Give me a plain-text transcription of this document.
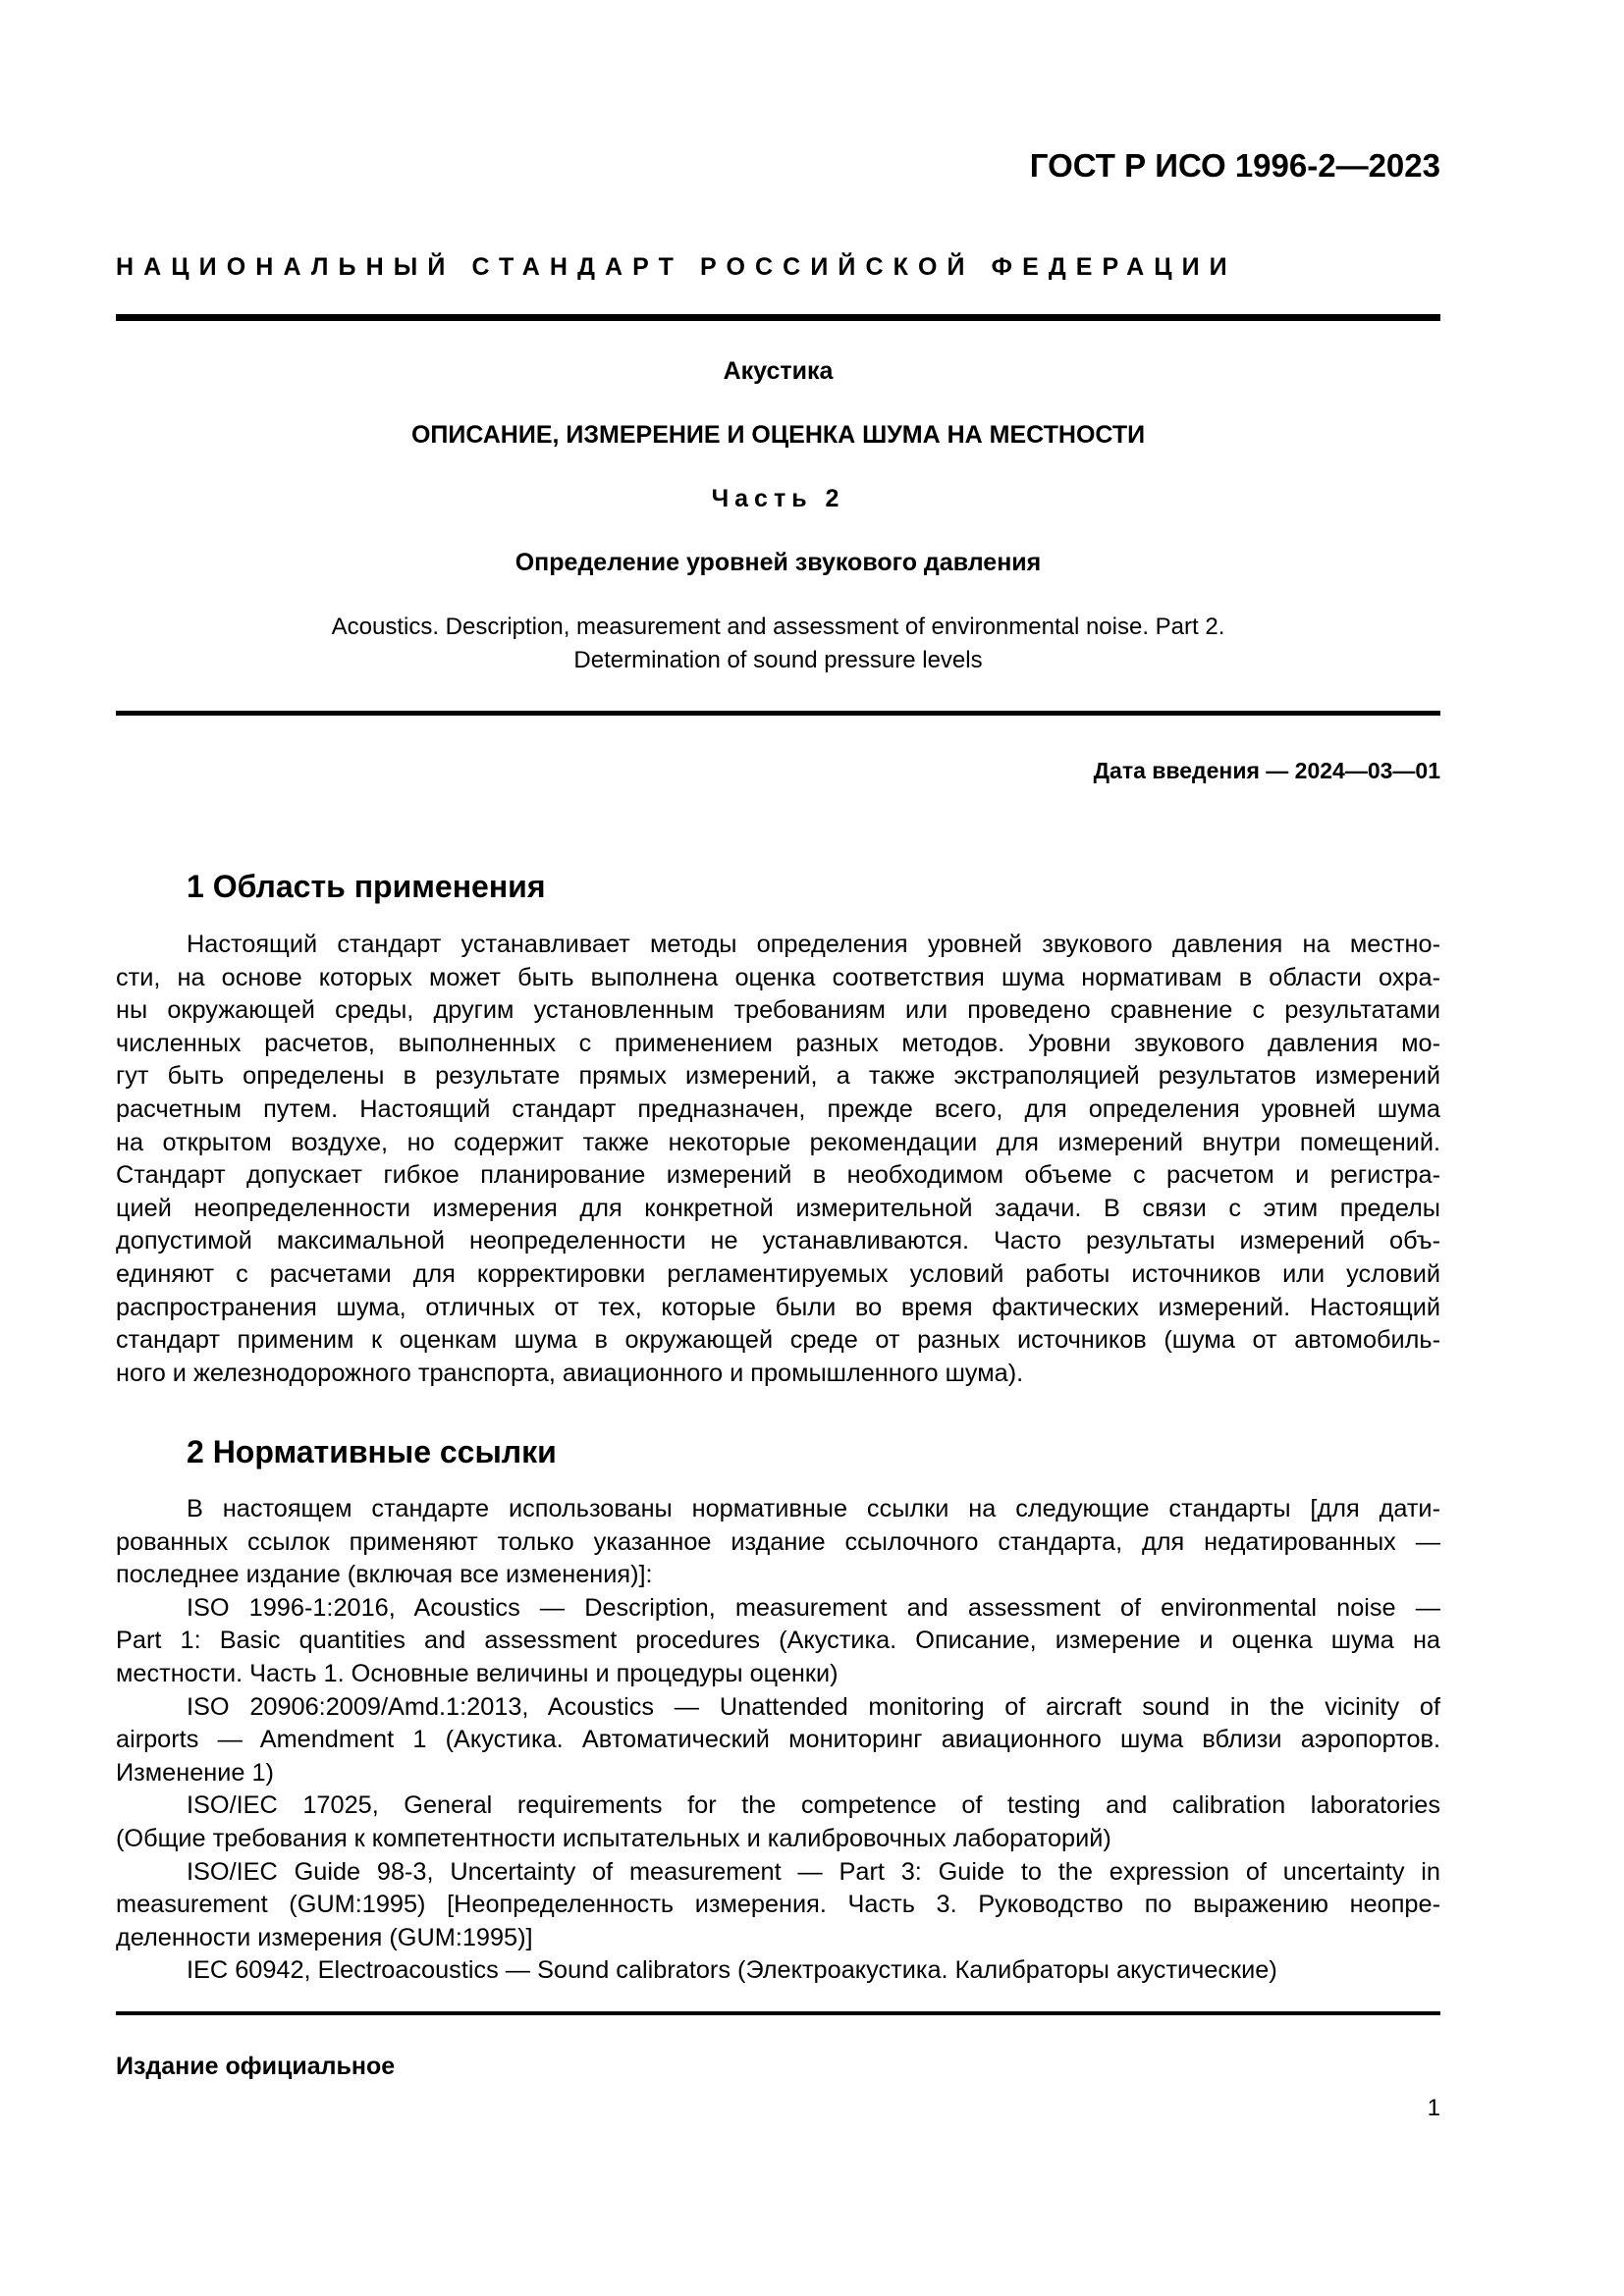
ГОСТ Р ИСО 1996-2—2023
НАЦИОНАЛЬНЫЙ СТАНДАРТ РОССИЙСКОЙ ФЕДЕРАЦИИ
Акустика
ОПИСАНИЕ, ИЗМЕРЕНИЕ И ОЦЕНКА ШУМА НА МЕСТНОСТИ
Часть 2
Определение уровней звукового давления
Acoustics. Description, measurement and assessment of environmental noise. Part 2.
Determination of sound pressure levels
Дата введения — 2024—03—01
1 Область применения
Настоящий стандарт устанавливает методы определения уровней звукового давления на местно-
сти, на основе которых может быть выполнена оценка соответствия шума нормативам в области охра-
ны окружающей среды, другим установленным требованиям или проведено сравнение с результатами
численных расчетов, выполненных с применением разных методов. Уровни звукового давления мо-
гут быть определены в результате прямых измерений, а также экстраполяцией результатов измерений
расчетным путем. Настоящий стандарт предназначен, прежде всего, для определения уровней шума
на открытом воздухе, но содержит также некоторые рекомендации для измерений внутри помещений.
Стандарт допускает гибкое планирование измерений в необходимом объеме с расчетом и регистра-
цией неопределенности измерения для конкретной измерительной задачи. В связи с этим пределы
допустимой максимальной неопределенности не устанавливаются. Часто результаты измерений объ-
единяют с расчетами для корректировки регламентируемых условий работы источников или условий
распространения шума, отличных от тех, которые были во время фактических измерений. Настоящий
стандарт применим к оценкам шума в окружающей среде от разных источников (шума от автомобиль-
ного и железнодорожного транспорта, авиационного и промышленного шума).
2 Нормативные ссылки
В настоящем стандарте использованы нормативные ссылки на следующие стандарты [для дати-
рованных ссылок применяют только указанное издание ссылочного стандарта, для недатированных —
последнее издание (включая все изменения)]:
ISO 1996-1:2016, Acoustics — Description, measurement and assessment of environmental noise —
Part 1: Basic quantities and assessment procedures (Акустика. Описание, измерение и оценка шума на
местности. Часть 1. Основные величины и процедуры оценки)
ISO 20906:2009/Amd.1:2013, Acoustics — Unattended monitoring of aircraft sound in the vicinity of
airports — Amendment 1 (Акустика. Автоматический мониторинг авиационного шума вблизи аэропортов.
Изменение 1)
ISO/IEC 17025, General requirements for the competence of testing and calibration laboratories
(Общие требования к компетентности испытательных и калибровочных лабораторий)
ISO/IEC Guide 98-3, Uncertainty of measurement — Part 3: Guide to the expression of uncertainty in
measurement (GUM:1995) [Неопределенность измерения. Часть 3. Руководство по выражению неопре-
деленности измерения (GUM:1995)]
IEC 60942, Electroacoustics — Sound calibrators (Электроакустика. Калибраторы акустические)
Издание официальное
1
